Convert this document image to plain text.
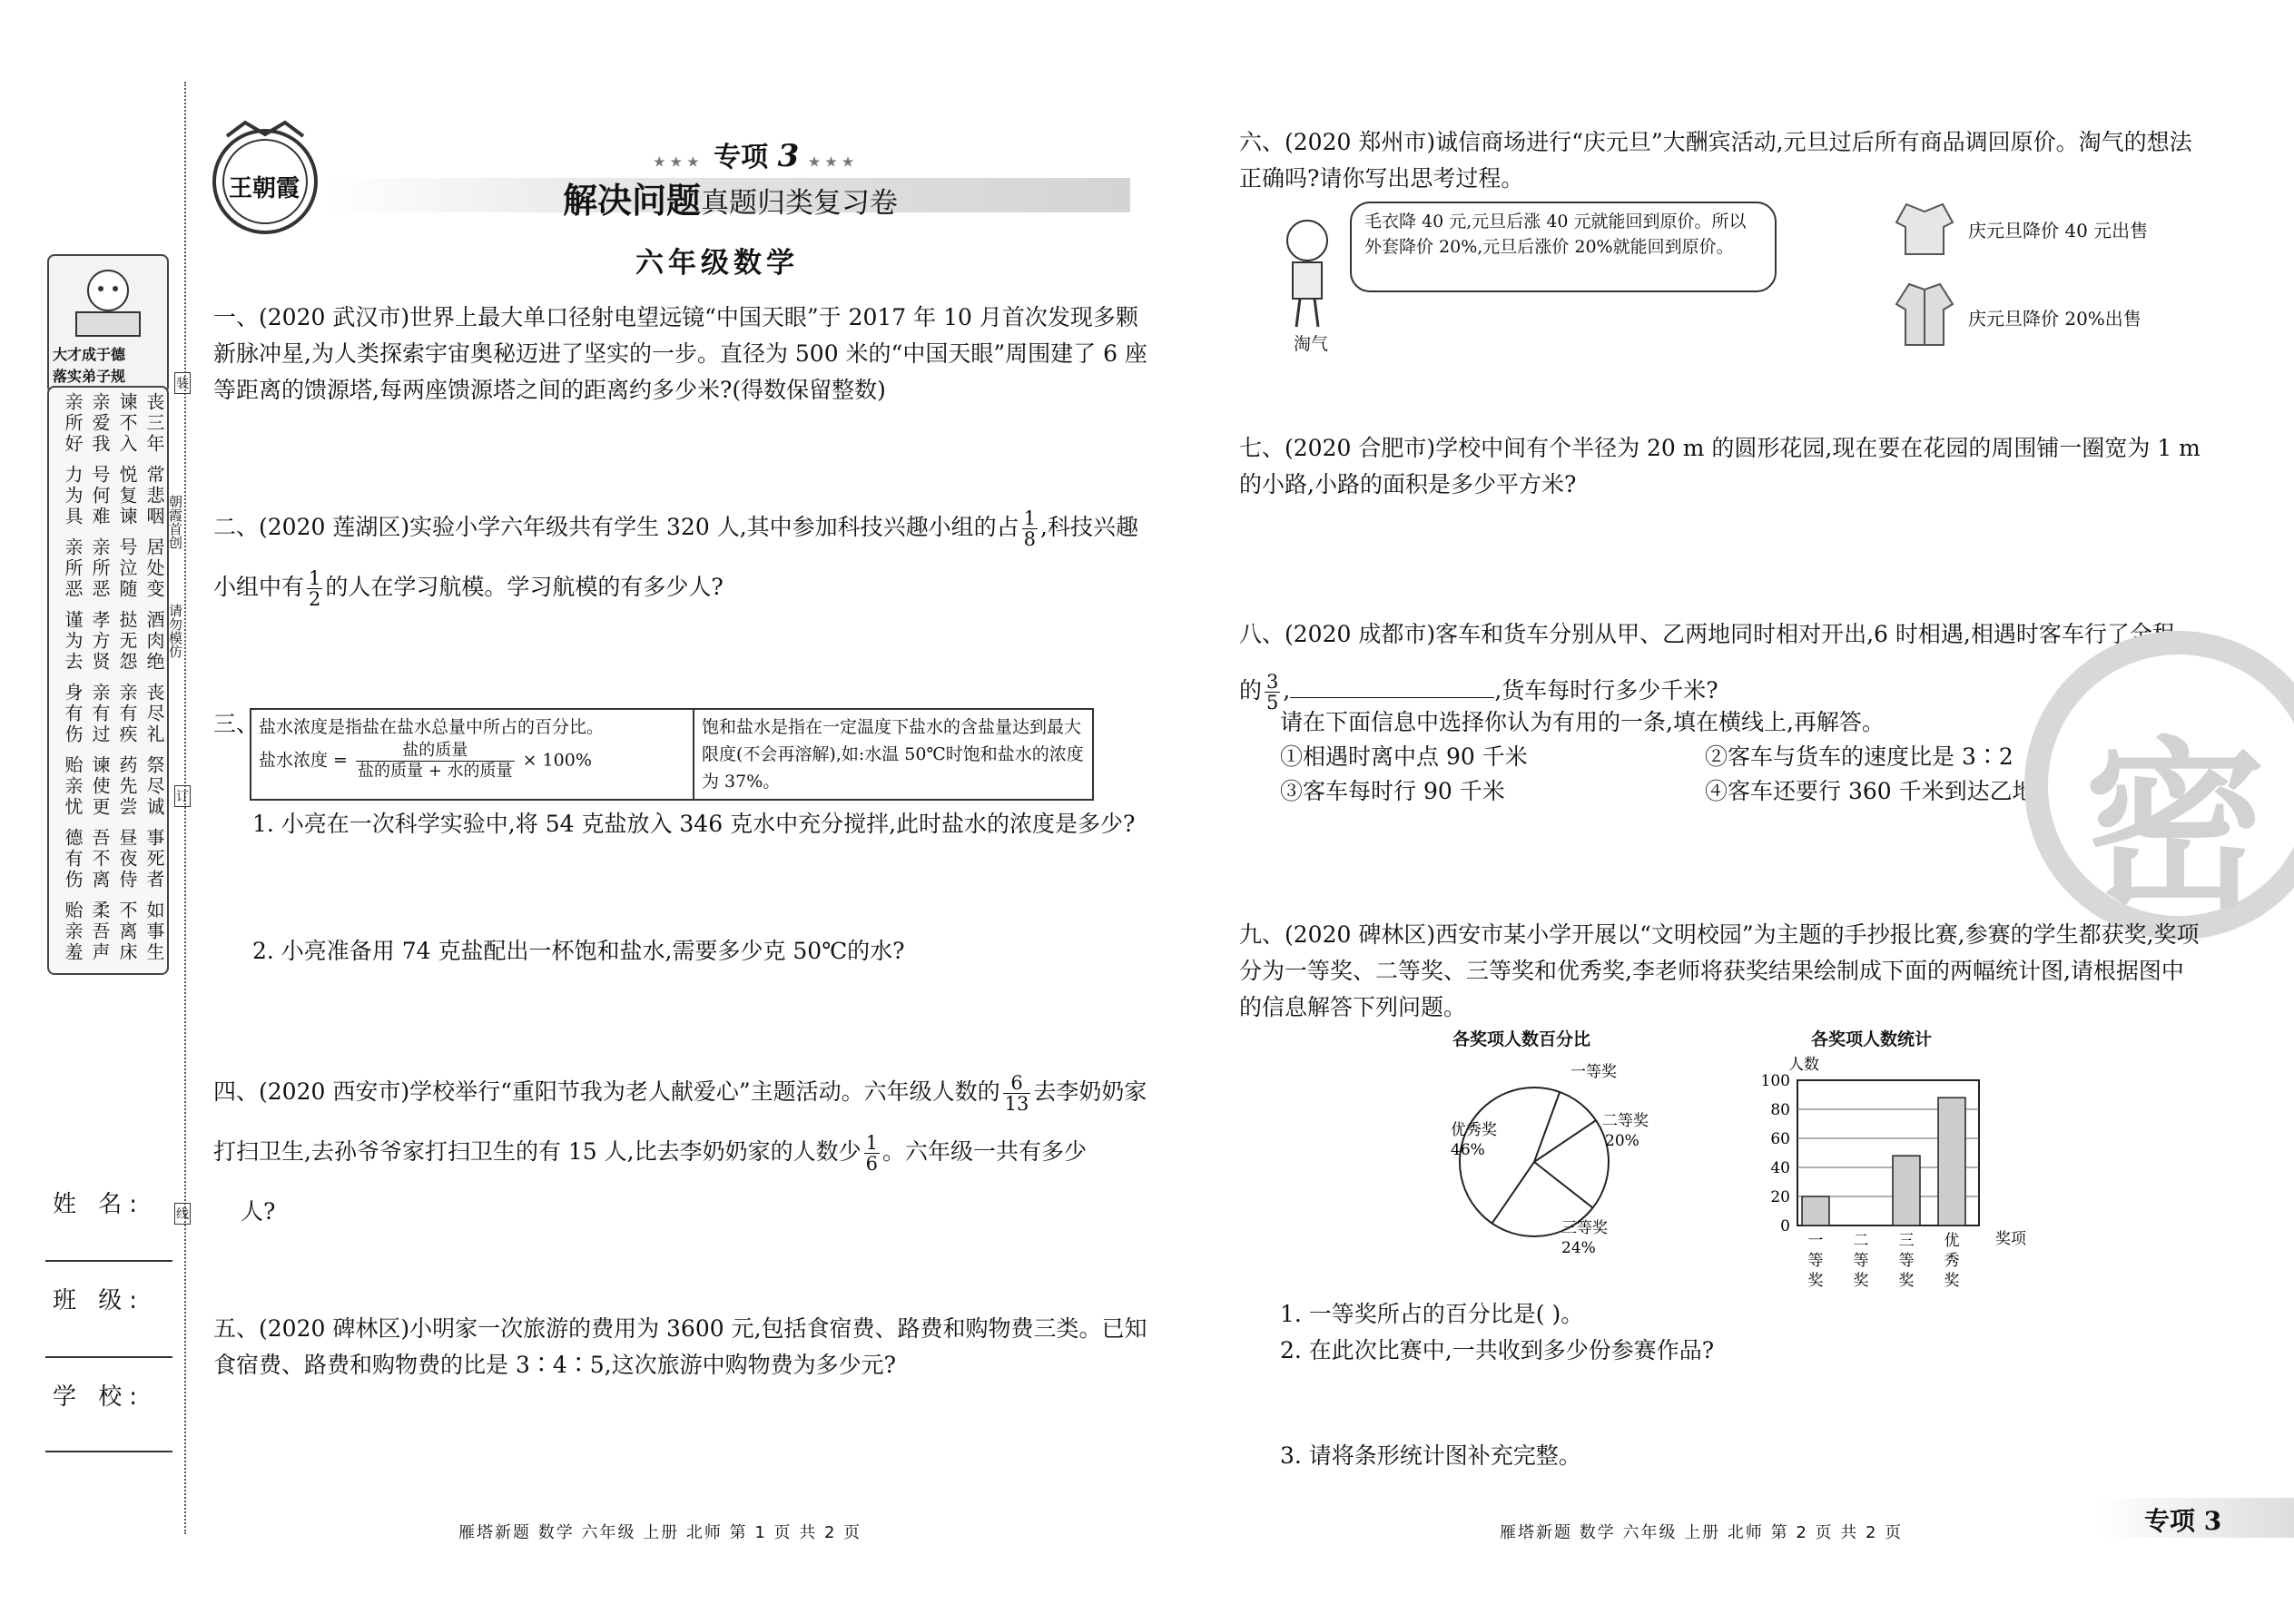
大才成于德
落实弟子规
丧三年
常悲咽
居处变
酒肉绝
丧尽礼
祭尽诚
事死者
如事生
谏不入
悦复谏
号泣随
挞无怨
亲有疾
药先尝
昼夜侍
不离床
亲爱我
号何难
亲所恶
孝方贤
亲有过
谏使更
吾不离
柔吾声
亲所好
力为具
亲所恶
谨为去
身有伤
贻亲忧
德有伤
贻亲羞
朝霞首创
请勿模仿
装
订
线
姓 名:
班 级:
学 校:
王朝霞
★★★ 专项 3 ★★★
解决问题真题归类复习卷
六年级数学
一、(2020 武汉市)世界上最大单口径射电望远镜“中国天眼”于 2017 年 10 月首次发现多颗新脉冲星,为人类探索宇宙奥秘迈进了坚实的一步。直径为 500 米的“中国天眼”周围建了 6 座等距离的馈源塔,每两座馈源塔之间的距离约多少米?(得数保留整数)
二、(2020 莲湖区)实验小学六年级共有学生 320 人,其中参加科技兴趣小组的占 $\frac{1}{8}$ ,科技兴趣
小组中有 $\frac{1}{2}$ 的人在学习航模。学习航模的有多少人?
三、 盐水浓度是指盐在盐水总量中所占的百分比。
盐水浓度 = $\frac{\text{盐的质量}}{\text{盐的质量 + 水的质量}} \times 100\%$
	饱和盐水是指在一定温度下盐水的含盐量达到最大限度(不会再溶解),如:水温 50℃时饱和盐水的浓度为 37%。
1. 小亮在一次科学实验中,将 54 克盐放入 346 克水中充分搅拌,此时盐水的浓度是多少?
2. 小亮准备用 74 克盐配出一杯饱和盐水,需要多少克 50℃的水?
四、(2020 西安市)学校举行“重阳节我为老人献爱心”主题活动。六年级人数的 $\frac{6}{13}$ 去李奶奶家
打扫卫生,去孙爷爷家打扫卫生的有 15 人,比去李奶奶家的人数少 $\frac{1}{6}$ 。六年级一共有多少
人?
五、(2020 碑林区)小明家一次旅游的费用为 3600 元,包括食宿费、路费和购物费三类。已知食宿费、路费和购物费的比是 3∶4∶5,这次旅游中购物费为多少元?
雁塔新题 数学 六年级 上册 北师 第 1 页 共 2 页
六、(2020 郑州市)诚信商场进行“庆元旦”大酬宾活动,元旦过后所有商品调回原价。淘气的想法正确吗?请你写出思考过程。
淘气
毛衣降 40 元,元旦后涨 40 元就能回到原价。所以外套降价 20%,元旦后涨价 20%就能回到原价。
庆元旦降价 40 元出售
庆元旦降价 20%出售
七、(2020 合肥市)学校中间有个半径为 20 m 的圆形花园,现在要在花园的周围铺一圈宽为 1 m 的小路,小路的面积是多少平方米?
八、(2020 成都市)客车和货车分别从甲、乙两地同时相对开出,6 时相遇,相遇时客车行了全程
的 $\frac{3}{5}$ ,	,货车每时行多少千米?
请在下面信息中选择你认为有用的一条,填在横线上,再解答。
①相遇时离中点 90 千米	②客车与货车的速度比是 3∶2
③客车每时行 90 千米	④客车还要行 360 千米到达乙地 密
九、(2020 碑林区)西安市某小学开展以“文明校园”为主题的手抄报比赛,参赛的学生都获奖,奖项分为一等奖、二等奖、三等奖和优秀奖,李老师将获奖结果绘制成下面的两幅统计图,请根据图中的信息解答下列问题。
各奖项人数百分比
一等奖
二等奖
20%
三等奖
24%
优秀奖
46%
各奖项人数统计
0
20
40
60
80
100
人数
奖项
一等奖
二等奖
三等奖
优秀奖
1. 一等奖所占的百分比是( )。
2. 在此次比赛中,一共收到多少份参赛作品?
3. 请将条形统计图补充完整。
雁塔新题 数学 六年级 上册 北师 第 2 页 共 2 页	专项 3
